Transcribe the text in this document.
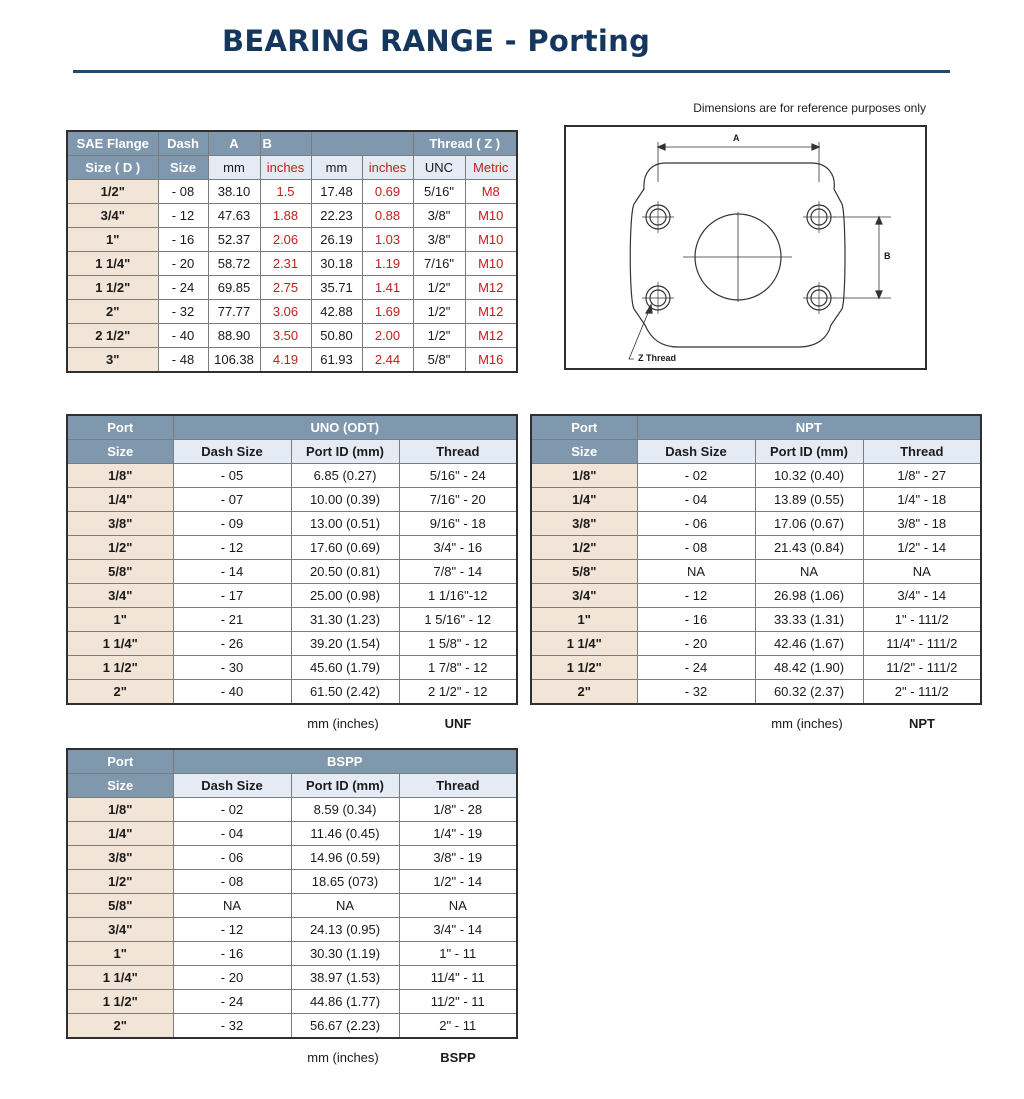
BEARING RANGE - Porting
Dimensions are for reference purposes only
SAE Flange	Dash	A	B			Thread ( Z )	
Size ( D )	Size	mm	inches	mm	inches	UNC	Metric
1/2"	- 08	38.10	1.5	17.48	0.69	5/16"	M8
3/4"	- 12	47.63	1.88	22.23	0.88	3/8"	M10
1"	- 16	52.37	2.06	26.19	1.03	3/8"	M10
1 1/4"	- 20	58.72	2.31	30.18	1.19	7/16"	M10
1 1/2"	- 24	69.85	2.75	35.71	1.41	1/2"	M12
2"	- 32	77.77	3.06	42.88	1.69	1/2"	M12
2 1/2"	- 40	88.90	3.50	50.80	2.00	1/2"	M12
3"	- 48	106.38	4.19	61.93	2.44	5/8"	M16
A
B
Z Thread
Port	UNO (ODT)		
Size	Dash Size	Port ID (mm)	Thread
1/8"	- 05	6.85 (0.27)	5/16" - 24
1/4"	- 07	10.00 (0.39)	7/16" - 20
3/8"	- 09	13.00 (0.51)	9/16" - 18
1/2"	- 12	17.60 (0.69)	3/4" - 16
5/8"	- 14	20.50 (0.81)	7/8" - 14
3/4"	- 17	25.00 (0.98)	1 1/16"-12
1"	- 21	31.30 (1.23)	1 5/16" - 12
1 1/4"	- 26	39.20 (1.54)	1 5/8" - 12
1 1/2"	- 30	45.60 (1.79)	1 7/8" - 12
2"	- 40	61.50 (2.42)	2 1/2" - 12
mm (inches)	UNF
Port	NPT		
Size	Dash Size	Port ID (mm)	Thread
1/8"	- 02	10.32 (0.40)	1/8" - 27
1/4"	- 04	13.89 (0.55)	1/4" - 18
3/8"	- 06	17.06 (0.67)	3/8" - 18
1/2"	- 08	21.43 (0.84)	1/2" - 14
5/8"	NA	NA	NA
3/4"	- 12	26.98 (1.06)	3/4" - 14
1"	- 16	33.33 (1.31)	1" - 111/2
1 1/4"	- 20	42.46 (1.67)	11/4" - 111/2
1 1/2"	- 24	48.42 (1.90)	11/2" - 111/2
2"	- 32	60.32 (2.37)	2" - 111/2
mm (inches)	NPT
Port	BSPP		
Size	Dash Size	Port ID (mm)	Thread
1/8"	- 02	8.59 (0.34)	1/8" - 28
1/4"	- 04	11.46 (0.45)	1/4" - 19
3/8"	- 06	14.96 (0.59)	3/8" - 19
1/2"	- 08	18.65 (073)	1/2" - 14
5/8"	NA	NA	NA
3/4"	- 12	24.13 (0.95)	3/4" - 14
1"	- 16	30.30 (1.19)	1" - 11
1 1/4"	- 20	38.97 (1.53)	11/4" - 11
1 1/2"	- 24	44.86 (1.77)	11/2" - 11
2"	- 32	56.67 (2.23)	2" - 11
mm (inches)	BSPP
